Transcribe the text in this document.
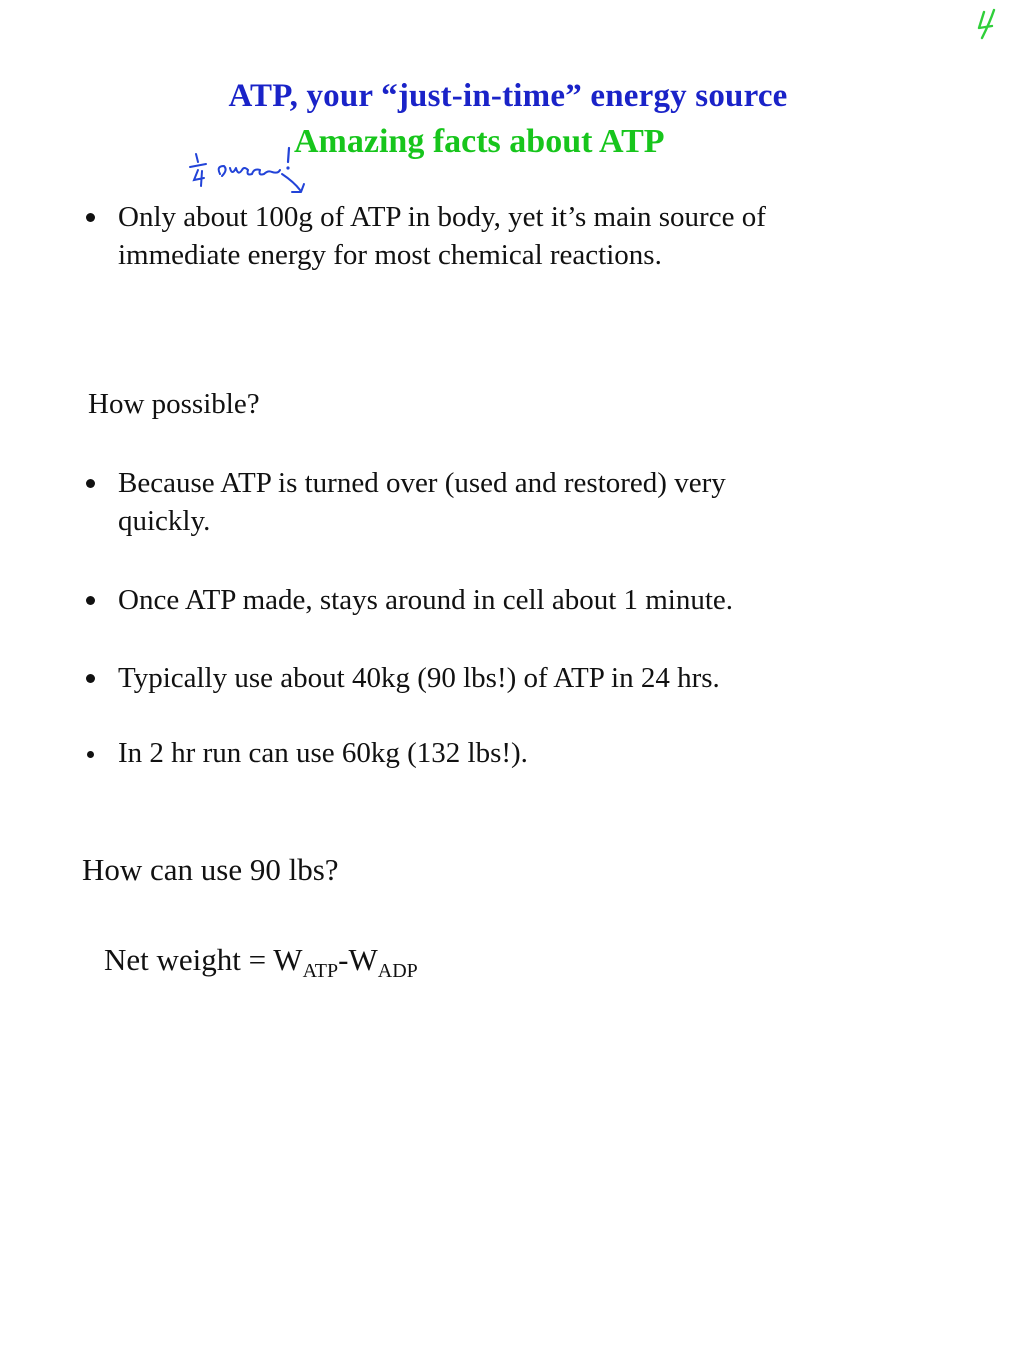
ATP, your “just-in-time” energy source
Amazing facts about ATP
Only about 100g of ATP in body, yet it’s main source of
immediate energy for most chemical reactions.
How possible?
Because ATP is turned over (used and restored) very
quickly.
Once ATP made, stays around in cell about 1 minute.
Typically use about 40kg (90 lbs!) of ATP in 24 hrs.
In 2 hr run can use 60kg (132 lbs!).
How can use 90 lbs?
Net weight = $W_{ATP}-W_{ADP}$
